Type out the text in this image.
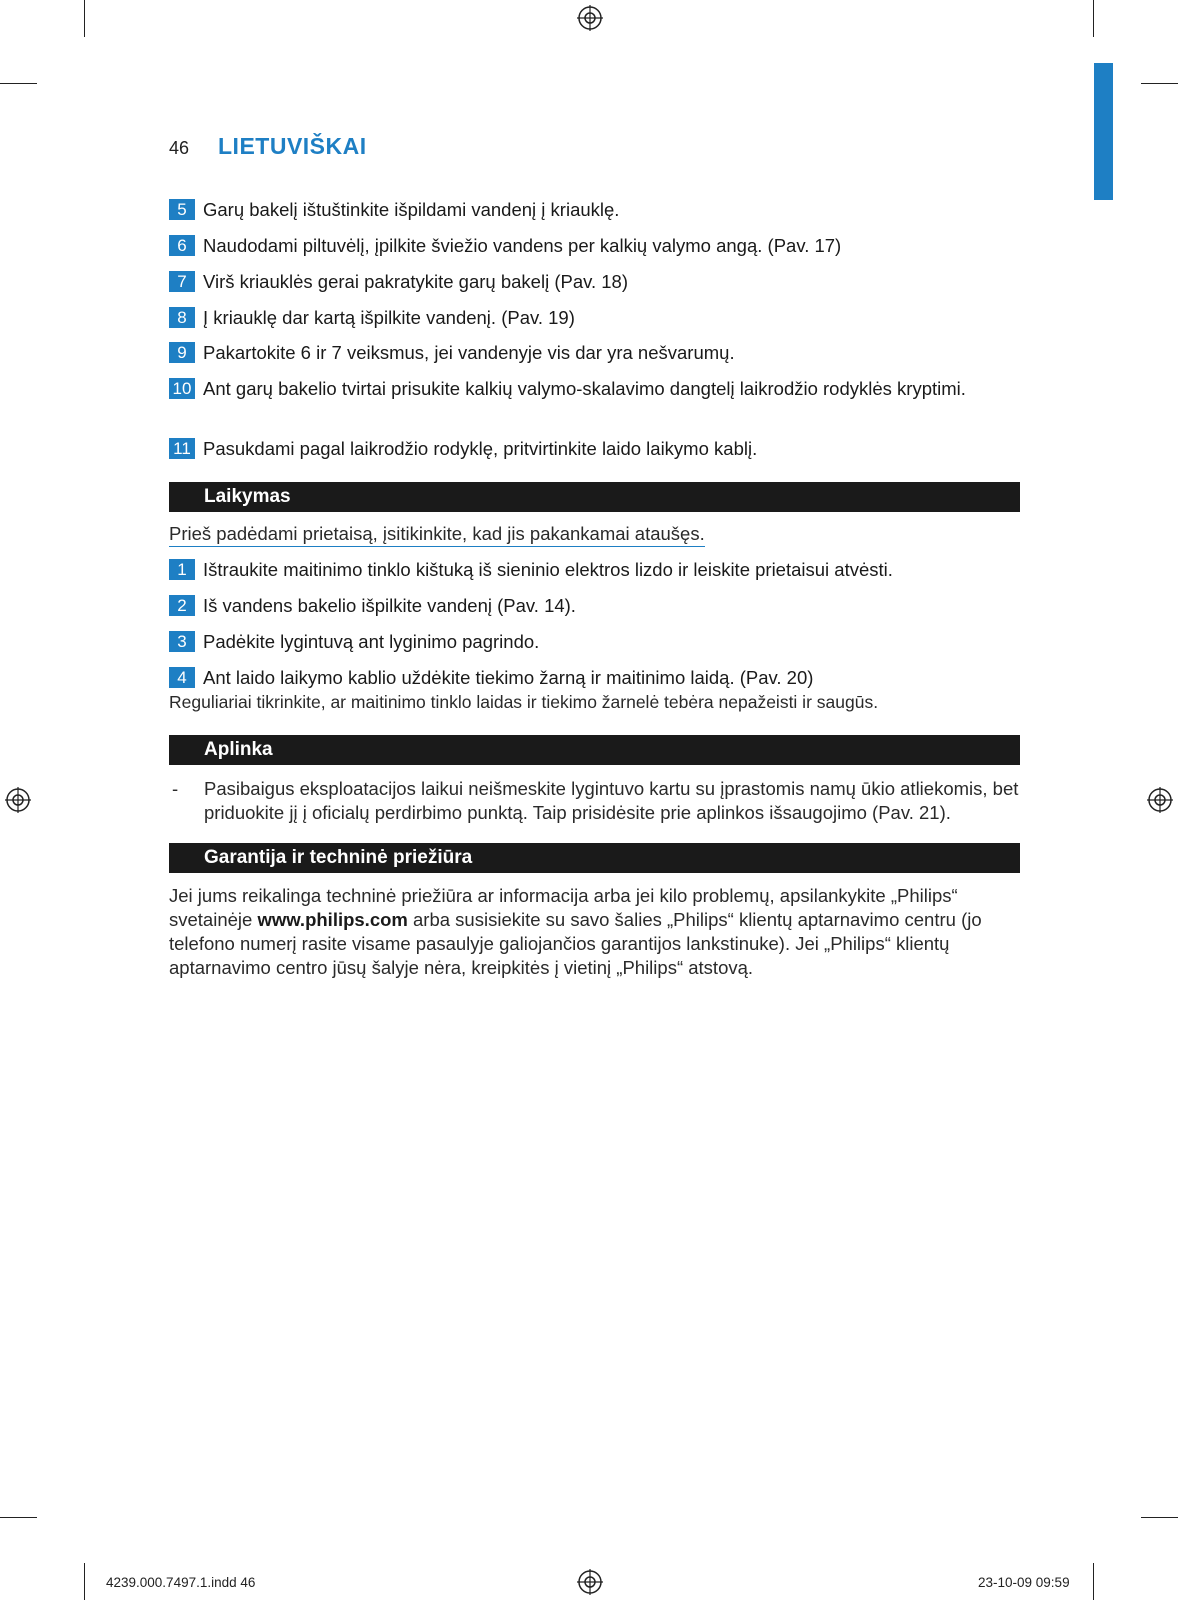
46 LIETUVIŠKAI
5 Garų bakelį ištuštinkite išpildami vandenį į kriauklę.
6 Naudodami piltuvėlį, įpilkite šviežio vandens per kalkių valymo angą. (Pav. 17)
7 Virš kriauklės gerai pakratykite garų bakelį (Pav. 18)
8 Į kriauklę dar kartą išpilkite vandenį. (Pav. 19)
9 Pakartokite 6 ir 7 veiksmus, jei vandenyje vis dar yra nešvarumų.
10 Ant garų bakelio tvirtai prisukite kalkių valymo-skalavimo dangtelį laikrodžio rodyklės kryptimi.
11 Pasukdami pagal laikrodžio rodyklę, pritvirtinkite laido laikymo kablį.
Laikymas
Prieš padėdami prietaisą, įsitikinkite, kad jis pakankamai ataušęs.
1 Ištraukite maitinimo tinklo kištuką iš sieninio elektros lizdo ir leiskite prietaisui atvėsti.
2 Iš vandens bakelio išpilkite vandenį (Pav. 14).
3 Padėkite lygintuvą ant lyginimo pagrindo.
4 Ant laido laikymo kablio uždėkite tiekimo žarną ir maitinimo laidą. (Pav. 20)
Reguliariai tikrinkite, ar maitinimo tinklo laidas ir tiekimo žarnelė tebėra nepažeisti ir saugūs.
Aplinka
- Pasibaigus eksploatacijos laikui neišmeskite lygintuvo kartu su įprastomis namų ūkio atliekomis, bet priduokite jį į oficialų perdirbimo punktą. Taip prisidėsite prie aplinkos išsaugojimo (Pav. 21).
Garantija ir techninė priežiūra
Jei jums reikalinga techninė priežiūra ar informacija arba jei kilo problemų, apsilankykite „Philips“ svetainėje www.philips.com arba susisiekite su savo šalies „Philips“ klientų aptarnavimo centru (jo telefono numerį rasite visame pasaulyje galiojančios garantijos lankstinuke). Jei „Philips“ klientų aptarnavimo centro jūsų šalyje nėra, kreipkitės į vietinį „Philips“ atstovą.
4239.000.7497.1.indd 46	23-10-09 09:59
